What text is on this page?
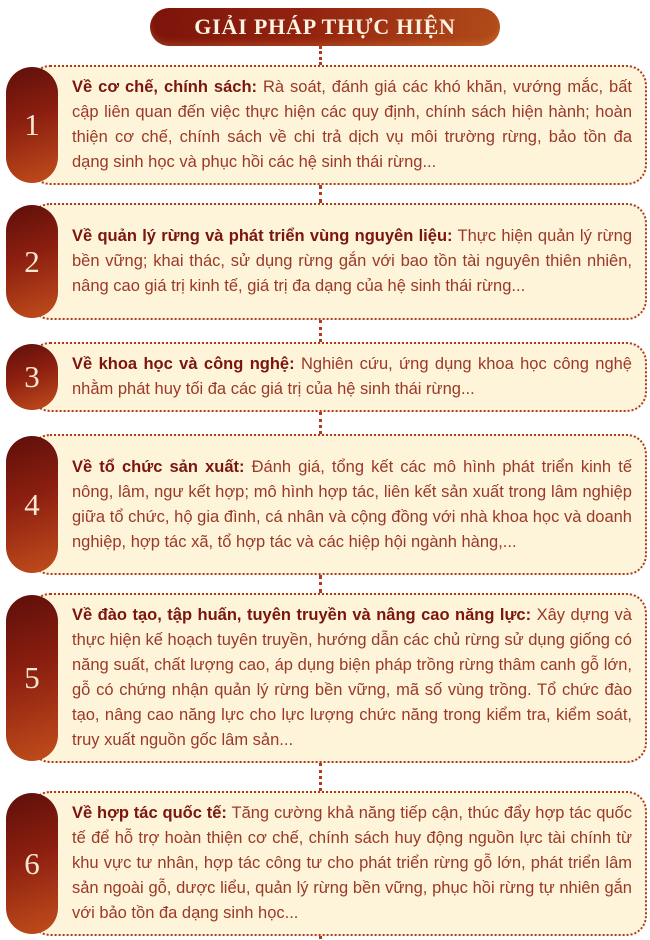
GIẢI PHÁP THỰC HIỆN
1

Về cơ chế, chính sách: Rà soát, đánh giá các khó khăn, vướng mắc, bất cập liên quan đến việc thực hiện các quy định, chính sách hiện hành; hoàn thiện cơ chế, chính sách về chi trả dịch vụ môi trường rừng, bảo tồn đa dạng sinh học và phục hồi các hệ sinh thái rừng...

2

Về quản lý rừng và phát triển vùng nguyên liệu: Thực hiện quản lý rừng bền vững; khai thác, sử dụng rừng gắn với bao tồn tài nguyên thiên nhiên, nâng cao giá trị kinh tế, giá trị đa dạng của hệ sinh thái rừng...

3	Về khoa học và công nghệ: Nghiên cứu, ứng dụng khoa học công nghệ nhằm phát huy tối đa các giá trị của hệ sinh thái rừng...

4

Về tổ chức sản xuất: Đánh giá, tổng kết các mô hình phát triển kinh tế nông, lâm, ngư kết hợp; mô hình hợp tác, liên kết sản xuất trong lâm nghiệp giữa tổ chức, hộ gia đình, cá nhân và cộng đồng với nhà khoa học và doanh nghiệp, hợp tác xã, tổ hợp tác và các hiệp hội ngành hàng,...

5

Về đào tạo, tập huấn, tuyên truyền và nâng cao năng lực: Xây dựng và thực hiện kế hoạch tuyên truyền, hướng dẫn các chủ rừng sử dụng giống có năng suất, chất lượng cao, áp dụng biện pháp trồng rừng thâm canh gỗ lớn, gỗ có chứng nhận quản lý rừng bền vững, mã số vùng trồng. Tổ chức đào tạo, nâng cao năng lực cho lực lượng chức năng trong kiểm tra, kiểm soát, truy xuất nguồn gốc lâm sản...

6

Về hợp tác quốc tế: Tăng cường khả năng tiếp cận, thúc đẩy hợp tác quốc tế để hỗ trợ hoàn thiện cơ chế, chính sách huy động nguồn lực tài chính từ khu vực tư nhân, hợp tác công tư cho phát triển rừng gỗ lớn, phát triển lâm sản ngoài gỗ, dược liểu, quản lý rừng bền vững, phục hồi rừng tự nhiên gắn với bảo tồn đa dạng sinh học...
